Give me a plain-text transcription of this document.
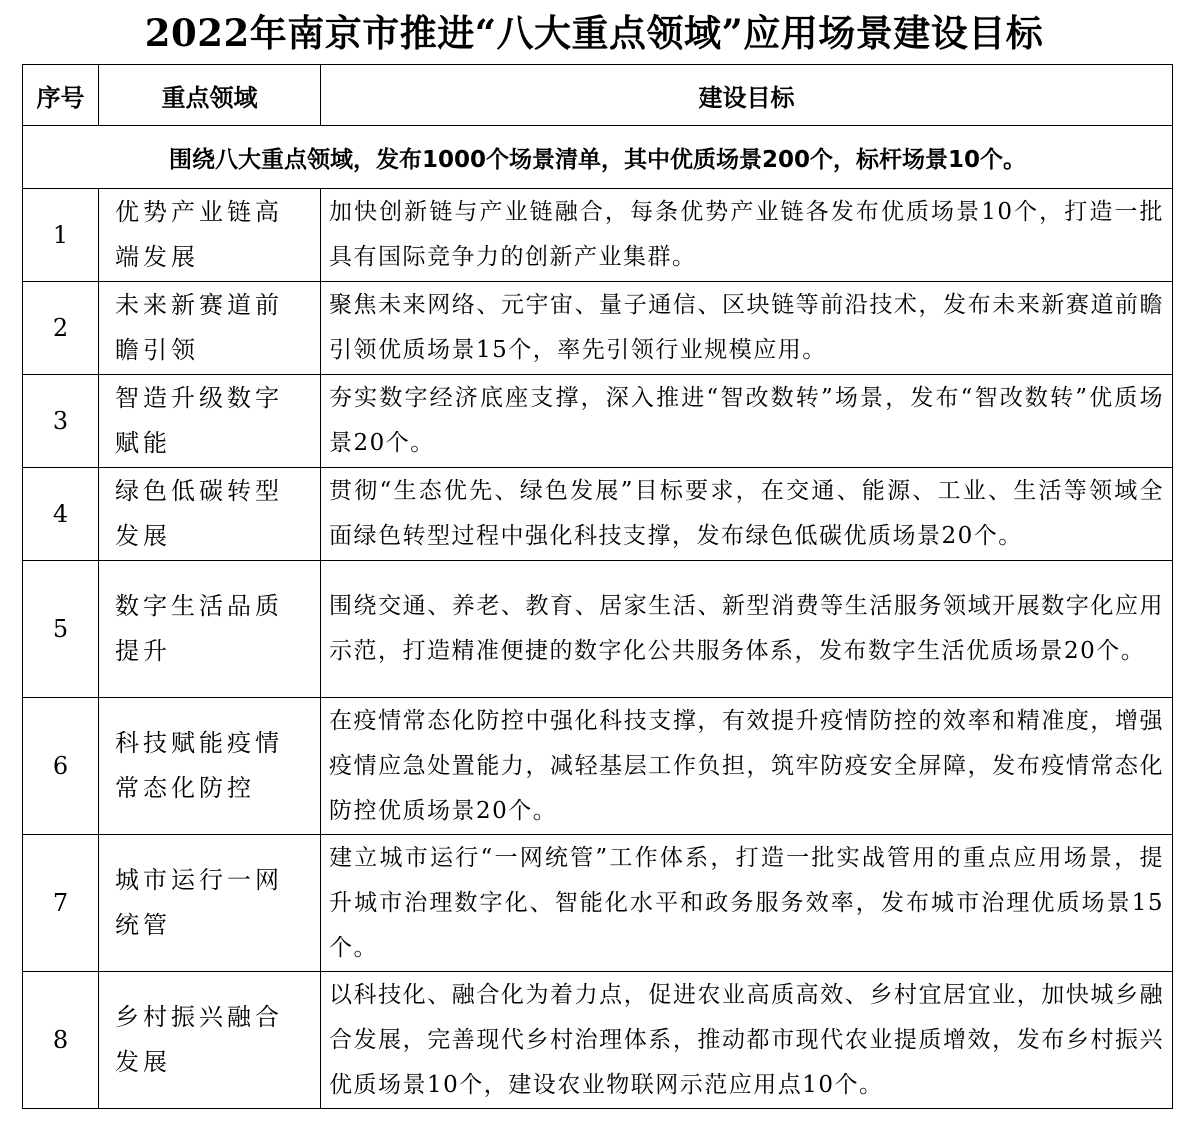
2022年南京市推进“八大重点领域”应用场景建设目标
序号	重点领域	建设目标
围绕八大重点领域，发布1000个场景清单，其中优质场景200个，标杆场景10个。		
1	优势产业链高端发展	加快创新链与产业链融合，每条优势产业链各发布优质场景10个，打造一批具有国际竞争力的创新产业集群。
2	未来新赛道前瞻引领	聚焦未来网络、元宇宙、量子通信、区块链等前沿技术，发布未来新赛道前瞻引领优质场景15个，率先引领行业规模应用。
3	智造升级数字赋能	夯实数字经济底座支撑，深入推进“智改数转”场景，发布“智改数转”优质场景20个。
4	绿色低碳转型发展	贯彻“生态优先、绿色发展”目标要求，在交通、能源、工业、生活等领域全面绿色转型过程中强化科技支撑，发布绿色低碳优质场景20个。
5	数字生活品质提升	围绕交通、养老、教育、居家生活、新型消费等生活服务领域开展数字化应用示范，打造精准便捷的数字化公共服务体系，发布数字生活优质场景20个。
6	科技赋能疫情常态化防控	在疫情常态化防控中强化科技支撑，有效提升疫情防控的效率和精准度，增强疫情应急处置能力，减轻基层工作负担，筑牢防疫安全屏障，发布疫情常态化防控优质场景20个。
7	城市运行一网统管	建立城市运行“一网统管”工作体系，打造一批实战管用的重点应用场景，提升城市治理数字化、智能化水平和政务服务效率，发布城市治理优质场景15个。
8	乡村振兴融合发展	以科技化、融合化为着力点，促进农业高质高效、乡村宜居宜业，加快城乡融合发展，完善现代乡村治理体系，推动都市现代农业提质增效，发布乡村振兴优质场景10个，建设农业物联网示范应用点10个。
